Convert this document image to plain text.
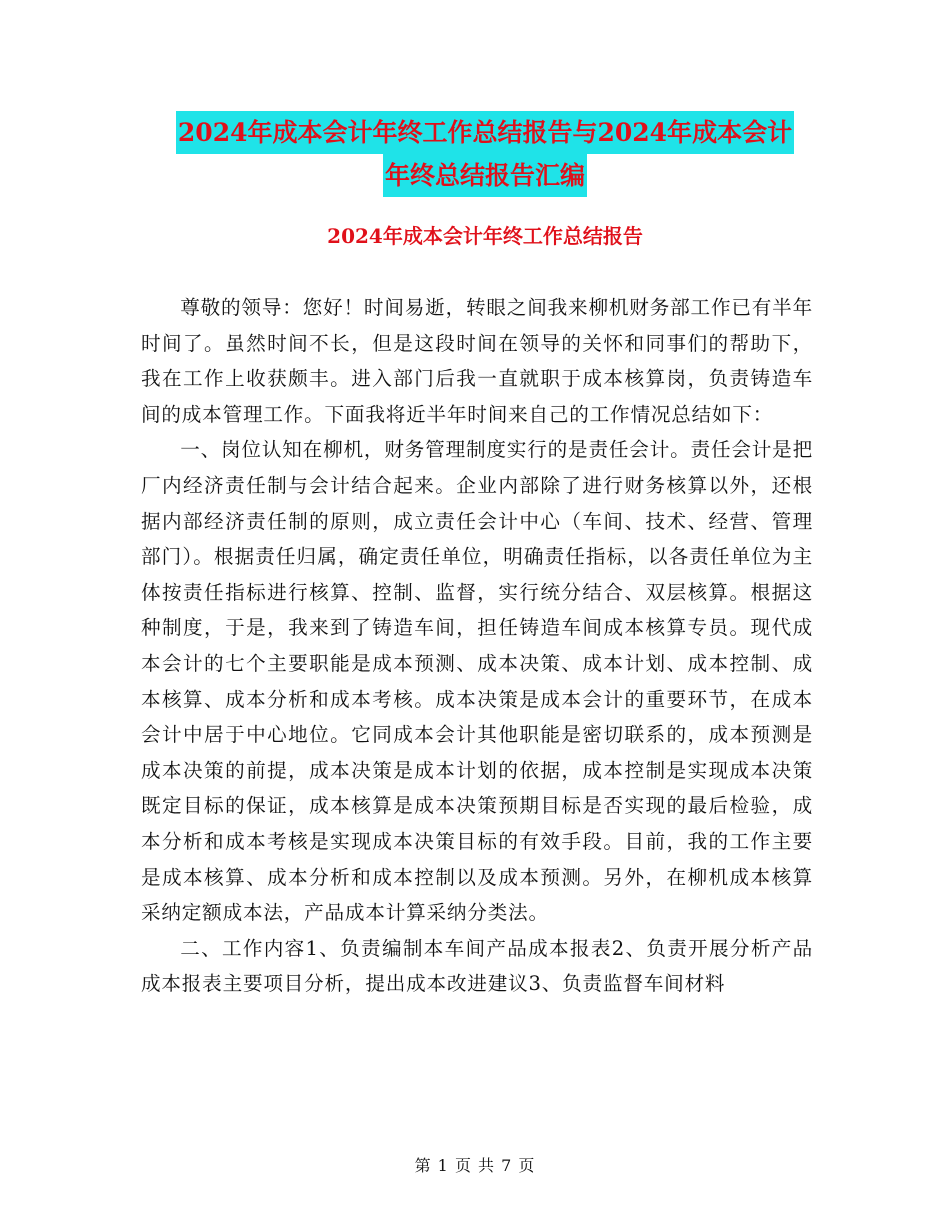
2024年成本会计年终工作总结报告与2024年成本会计
年终总结报告汇编
2024年成本会计年终工作总结报告

尊敬的领导：您好！时间易逝，转眼之间我来柳机财务部工作已有半年时间了。虽然时间不长，但是这段时间在领导的关怀和同事们的帮助下，我在工作上收获颇丰。进入部门后我一直就职于成本核算岗，负责铸造车间的成本管理工作。下面我将近半年时间来自己的工作情况总结如下：

一、岗位认知在柳机，财务管理制度实行的是责任会计。责任会计是把厂内经济责任制与会计结合起来。企业内部除了进行财务核算以外，还根据内部经济责任制的原则，成立责任会计中心（车间、技术、经营、管理部门）。根据责任归属，确定责任单位，明确责任指标，以各责任单位为主体按责任指标进行核算、控制、监督，实行统分结合、双层核算。根据这种制度，于是，我来到了铸造车间，担任铸造车间成本核算专员。现代成本会计的七个主要职能是成本预测、成本决策、成本计划、成本控制、成本核算、成本分析和成本考核。成本决策是成本会计的重要环节，在成本会计中居于中心地位。它同成本会计其他职能是密切联系的，成本预测是成本决策的前提，成本决策是成本计划的依据，成本控制是实现成本决策既定目标的保证，成本核算是成本决策预期目标是否实现的最后检验，成本分析和成本考核是实现成本决策目标的有效手段。目前，我的工作主要是成本核算、成本分析和成本控制以及成本预测。另外，在柳机成本核算采纳定额成本法，产品成本计算采纳分类法。

二、工作内容1、负责编制本车间产品成本报表2、负责开展分析产品成本报表主要项目分析，提出成本改进建议3、负责监督车间材料

第 1 页 共 7 页
